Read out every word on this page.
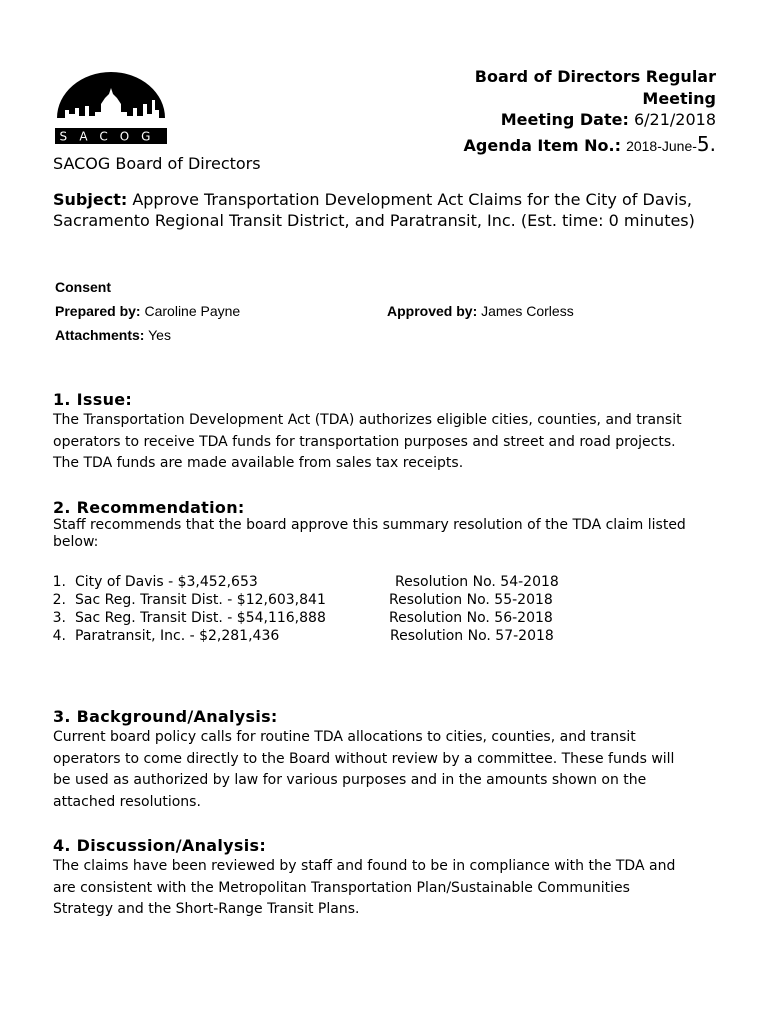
SACOG
SACOG Board of Directors
Board of Directors Regular
Meeting
Meeting Date: 6/21/2018
Agenda Item No.: 2018-June-5.
Subject: Approve Transportation Development Act Claims for the City of Davis, Sacramento Regional Transit District, and Paratransit, Inc. (Est. time: 0 minutes)
Consent
Prepared by: Caroline Payne	Approved by: James Corless
Attachments: Yes
1. Issue:
The Transportation Development Act (TDA) authorizes eligible cities, counties, and transit
operators to receive TDA funds for transportation purposes and street and road projects.
The TDA funds are made available from sales tax receipts.
2. Recommendation:
Staff recommends that the board approve this summary resolution of the TDA claim listed
below:
1. City of Davis - $3,452,653	Resolution No. 54-2018
2. Sac Reg. Transit Dist. - $12,603,841	Resolution No. 55-2018
3. Sac Reg. Transit Dist. - $54,116,888	Resolution No. 56-2018
4. Paratransit, Inc. - $2,281,436	Resolution No. 57-2018
3. Background/Analysis:
Current board policy calls for routine TDA allocations to cities, counties, and transit
operators to come directly to the Board without review by a committee. These funds will
be used as authorized by law for various purposes and in the amounts shown on the
attached resolutions.
4. Discussion/Analysis:
The claims have been reviewed by staff and found to be in compliance with the TDA and
are consistent with the Metropolitan Transportation Plan/Sustainable Communities
Strategy and the Short-Range Transit Plans.
